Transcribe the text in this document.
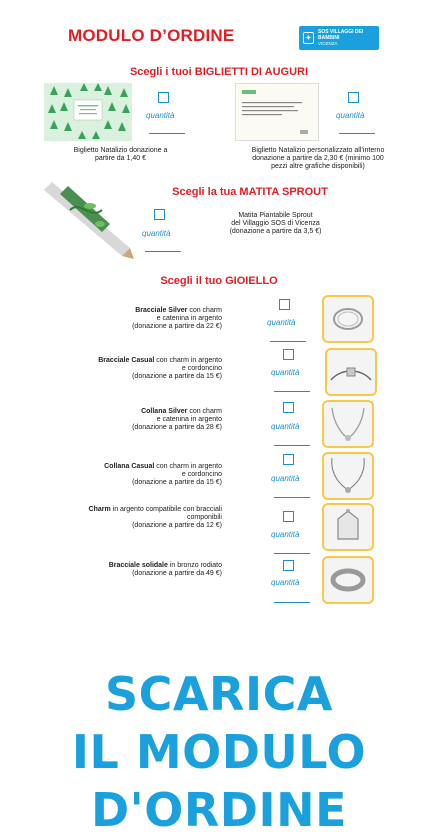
MODULO D’ORDINE	✦
SOS VILLAGGI DEI BAMBINI
VICENZA
Scegli i tuoi BIGLIETTI DI AUGURI
quantità
Biglietto Natalizio donazione a
partire da 1,40 €
quantità
Biglietto Natalizio personalizzato all’interno
donazione a partire da 2,30 € (minimo 100
pezzi altre grafiche disponibili)
Scegli la tua MATITA SPROUT
quantità
Matita Piantabile Sprout
del Villaggio SOS di Vicenza
(donazione a partire da 3,5 €)
Scegli il tuo GIOIELLO
Bracciale Silver con charm
e catenina in argento
(donazione a partire da 22 €)	quantità
Bracciale Casual con charm in argento
e cordoncino
(donazione a partire da 15 €)	quantità
Collana Silver con charm
e catenina in argento
(donazione a partire da 28 €)	quantità
Collana Casual con charm in argento
e cordoncino
(donazione a partire da 15 €)	quantità
Charm in argento compatibile con bracciali
componibili
(donazione a partire da 12 €)
quantità
Bracciale solidale in bronzo rodiato
(donazione a partire da 49 €)
quantità
SCARICA
IL MODULO
D'ORDINE
